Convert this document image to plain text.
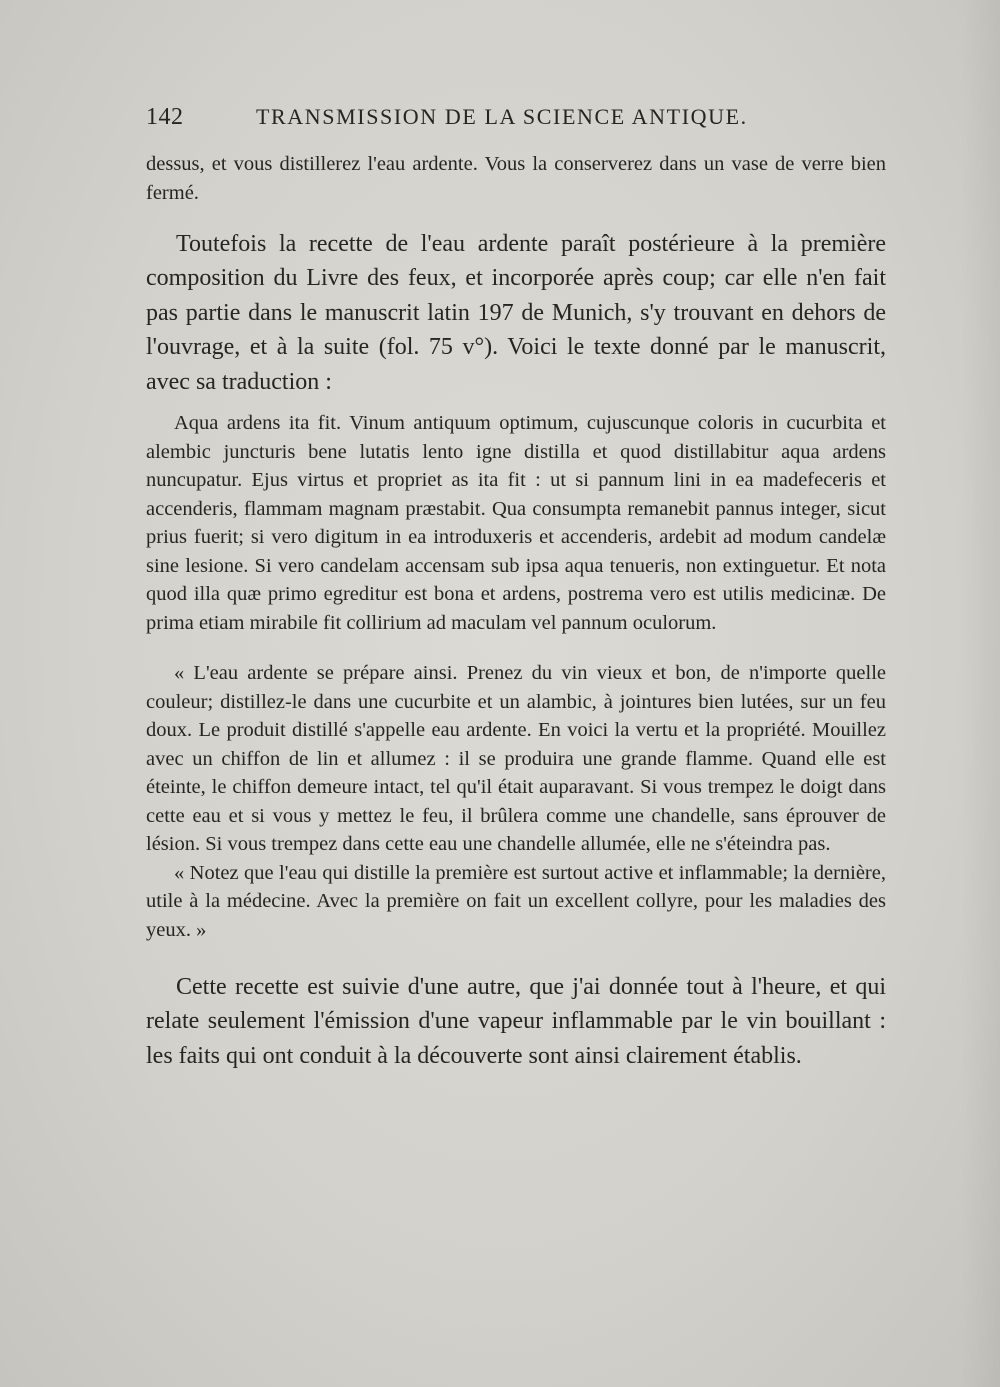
142	TRANSMISSION DE LA SCIENCE ANTIQUE.

dessus, et vous distillerez l'eau ardente. Vous la conserverez dans un vase de verre bien fermé.

Toutefois la recette de l'eau ardente paraît postérieure à la première composition du Livre des feux, et incorporée après coup; car elle n'en fait pas partie dans le manuscrit latin 197 de Munich, s'y trouvant en dehors de l'ouvrage, et à la suite (fol. 75 v°). Voici le texte donné par le manuscrit, avec sa traduction :

Aqua ardens ita fit. Vinum antiquum optimum, cujuscunque coloris in cucurbita et alembic juncturis bene lutatis lento igne distilla et quod distillabitur aqua ardens nuncupatur. Ejus virtus et propriet as ita fit : ut si pannum lini in ea madefeceris et accenderis, flammam magnam præstabit. Qua consumpta remanebit pannus integer, sicut prius fuerit; si vero digitum in ea introduxeris et accenderis, ardebit ad modum candelæ sine lesione. Si vero candelam accensam sub ipsa aqua tenueris, non extinguetur. Et nota quod illa quæ primo egreditur est bona et ardens, postrema vero est utilis medicinæ. De prima etiam mirabile fit collirium ad maculam vel pannum oculorum.

« L'eau ardente se prépare ainsi. Prenez du vin vieux et bon, de n'importe quelle couleur; distillez-le dans une cucurbite et un alambic, à jointures bien lutées, sur un feu doux. Le produit distillé s'appelle eau ardente. En voici la vertu et la propriété. Mouillez avec un chiffon de lin et allumez : il se produira une grande flamme. Quand elle est éteinte, le chiffon demeure intact, tel qu'il était auparavant. Si vous trempez le doigt dans cette eau et si vous y mettez le feu, il brûlera comme une chandelle, sans éprouver de lésion. Si vous trempez dans cette eau une chandelle allumée, elle ne s'éteindra pas.

« Notez que l'eau qui distille la première est surtout active et inflammable; la dernière, utile à la médecine. Avec la première on fait un excellent collyre, pour les maladies des yeux. »

Cette recette est suivie d'une autre, que j'ai donnée tout à l'heure, et qui relate seulement l'émission d'une vapeur inflammable par le vin bouillant : les faits qui ont conduit à la découverte sont ainsi clairement établis.
